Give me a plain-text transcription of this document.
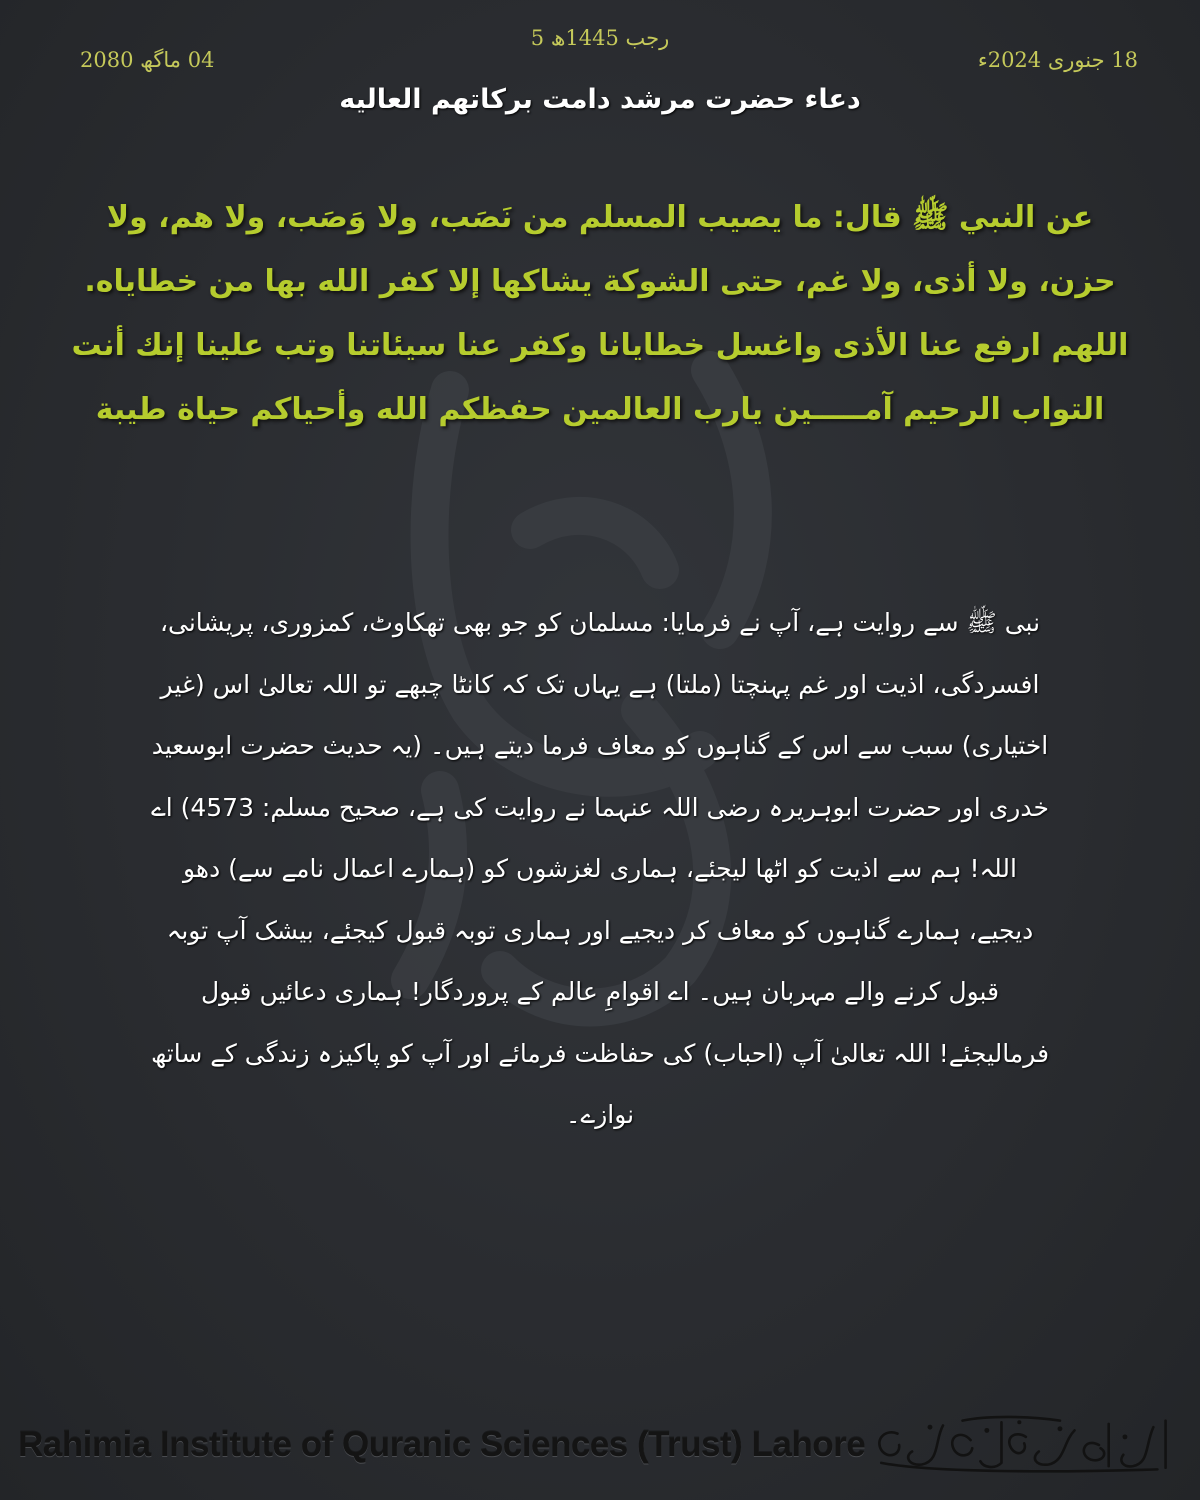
5 رجب 1445ھ
18 جنوری 2024ء
04 ماگھ 2080
دعاء حضرت مرشد دامت برکاتهم العالیه

عن النبي ﷺ قال: ما يصيب المسلم من نَصَب، ولا وَصَب، ولا هم، ولا حزن، ولا أذى، ولا غم، حتى الشوكة يشاكها إلا كفر الله بها من خطاياه. اللهم ارفع عنا الأذى واغسل خطايانا وكفر عنا سيئاتنا وتب علينا إنك أنت التواب الرحيم آمـــــين يارب العالمين حفظكم الله وأحياكم حياة طيبة

نبی ﷺ سے روایت ہے، آپ نے فرمایا: مسلمان کو جو بھی تھکاوٹ، کمزوری، پریشانی، افسردگی، اذیت اور غم پہنچتا (ملتا) ہے یہاں تک کہ کانٹا چبھے تو اللہ تعالیٰ اس (غیر اختیاری) سبب سے اس کے گناہوں کو معاف فرما دیتے ہیں۔ (یہ حدیث حضرت ابوسعید خدری اور حضرت ابوہریرہ رضی اللہ عنہما نے روایت کی ہے، صحیح مسلم: 4573) اے اللہ! ہم سے اذیت کو اٹھا لیجئے، ہماری لغزشوں کو (ہمارے اعمال نامے سے) دھو دیجیے، ہمارے گناہوں کو معاف کر دیجیے اور ہماری توبہ قبول کیجئے، بیشک آپ توبہ قبول کرنے والے مہربان ہیں۔ اے اقوامِ عالم کے پروردگار! ہماری دعائیں قبول فرمالیجئے! اللہ تعالیٰ آپ (احباب) کی حفاظت فرمائے اور آپ کو پاکیزہ زندگی کے ساتھ نوازے۔

Rahimia Institute of Quranic Sciences (Trust) Lahore
